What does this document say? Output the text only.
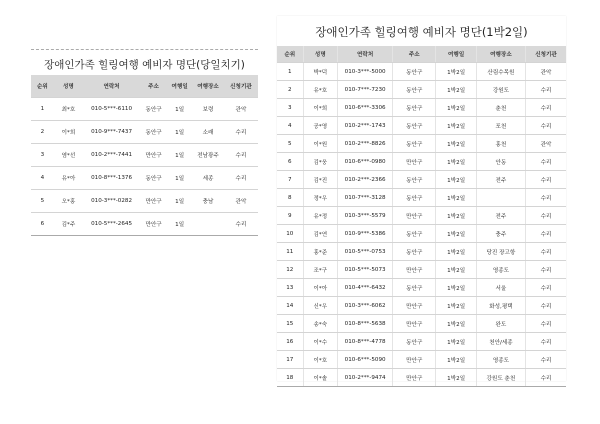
장애인가족 힐링여행 예비자 명단(당일치기)
순위	성명	연락처	주소	여행일	여행장소	신청기관
1	최*호	010-5***-6110	동안구	1일	보령	관악
2	이*희	010-9***-7437	동안구	1일	소래	수리
3	염*선	010-2***-7441	만안구	1일	전남광주	수리
4	유*아	010-8***-1376	동안구	1일	세종	수리
5	오*홍	010-3***-0282	만안구	1일	충남	관악
6	김*주	010-5***-2645	만안구	1일		수리
장애인가족 힐링여행 예비자 명단(1박2일)
순위	성명	연락처	주소	여행일	여행장소	신청기관
1	박*덕	010-3***-5000	동안구	1박2일	산림수목원	관악
2	유*호	010-7***-7230	동안구	1박2일	강원도	수리
3	이*희	010-6***-3306	동안구	1박2일	춘천	수리
4	공*영	010-2***-1743	동안구	1박2일	포천	수리
5	이*원	010-2***-8826	동안구	1박2일	홍천	관악
6	김*웅	010-6***-0980	만안구	1박2일	안동	수리
7	김*진	010-2***-2366	동안구	1박2일	전주	수리
8	정*우	010-7***-3128	동안구	1박2일		수리
9	유*정	010-3***-5579	만안구	1박2일	전주	수리
10	김*연	010-9***-5386	동안구	1박2일	충주	수리
11	홍*준	010-5***-0753	동안구	1박2일	당진 장고항	수리
12	조*구	010-5***-5073	만안구	1박2일	영종도	수리
13	이*아	010-4***-6432	동안구	1박2일	서울	수리
14	신*우	010-3***-6062	만안구	1박2일	화성,평택	수리
15	송*숙	010-8***-5638	만안구	1박2일	완도	수리
16	이*수	010-8***-4778	동안구	1박2일	천안/세종	수리
17	이*호	010-6***-5090	만안구	1박2일	영종도	수리
18	이*솔	010-2***-9474	만안구	1박2일	강원도 춘천	수리
